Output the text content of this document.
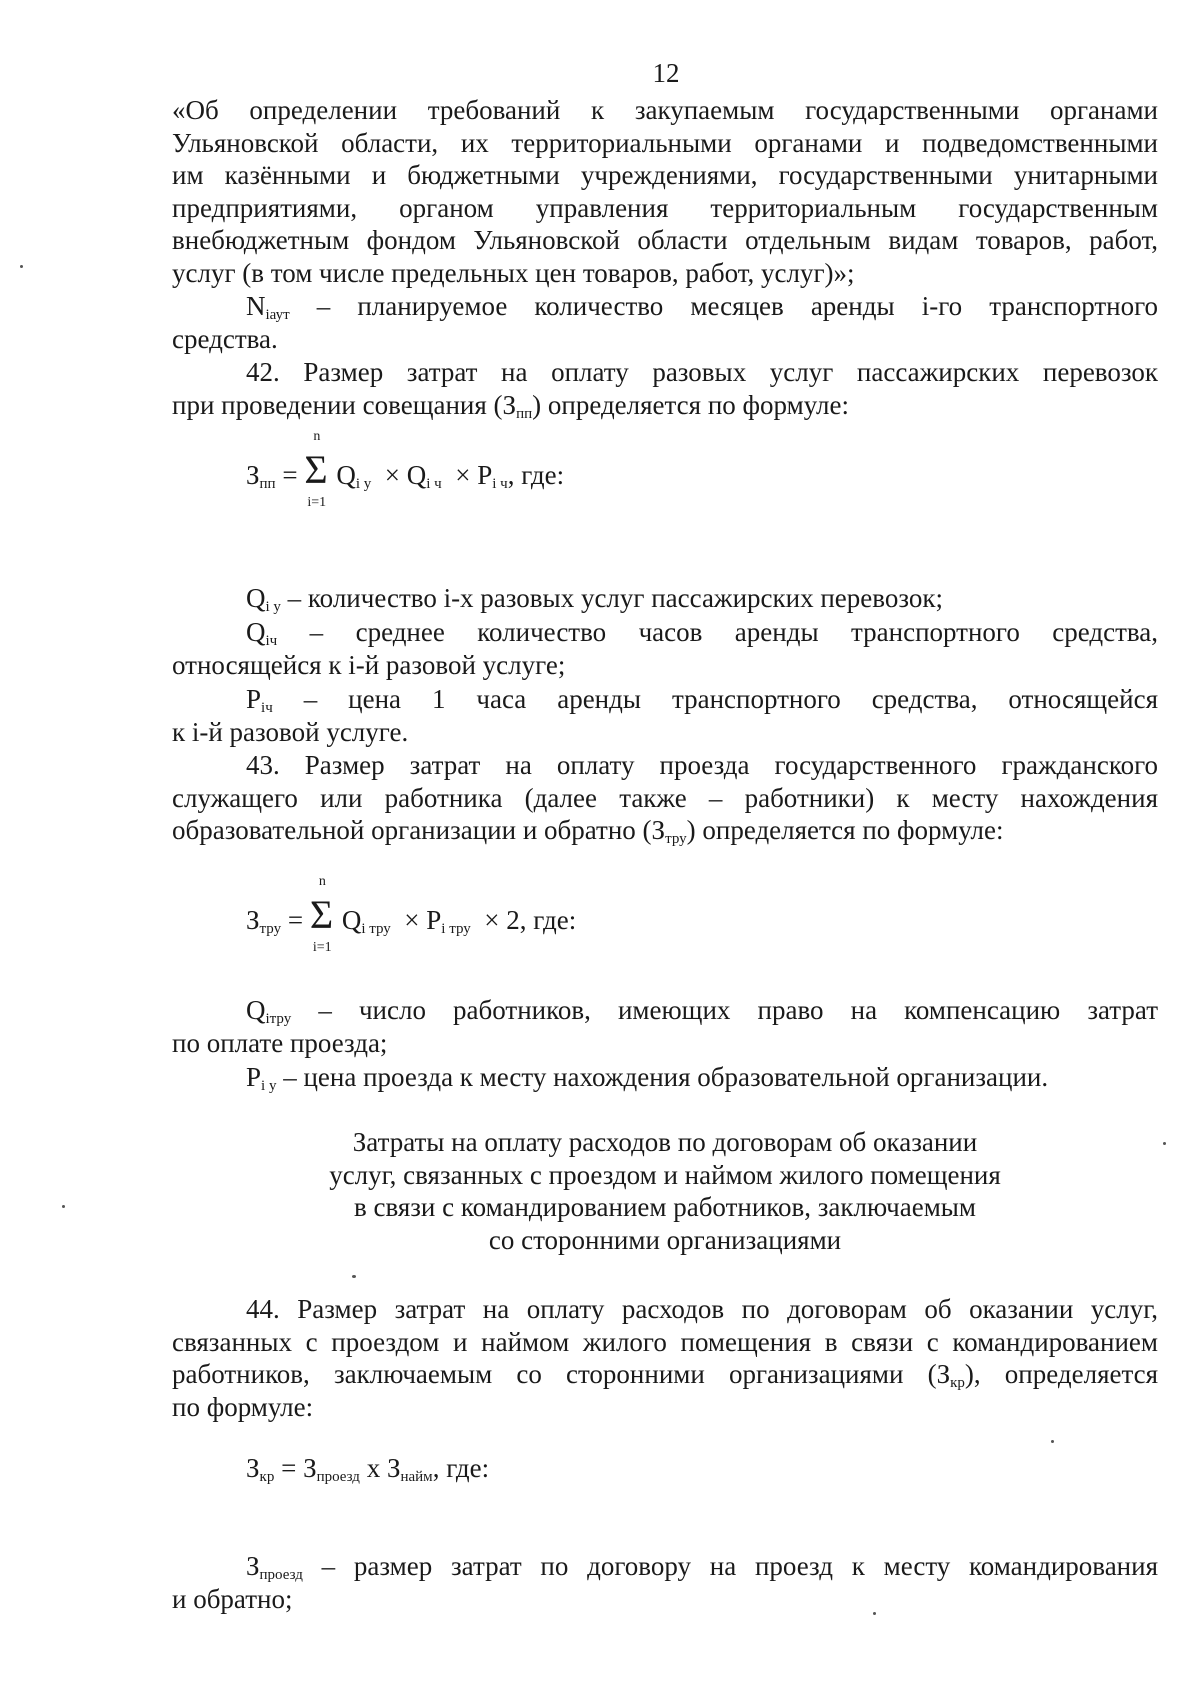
12
«Об определении требований к закупаемым государственными органами
Ульяновской области, их территориальными органами и подведомственными
им казёнными и бюджетными учреждениями, государственными унитарными
предприятиями, органом управления территориальным государственным
внебюджетным фондом Ульяновской области отдельным видам товаров, работ,
услуг (в том числе предельных цен товаров, работ, услуг)»;
$N_{iаут}$ – планируемое количество месяцев аренды i-го транспортного
средства.
42. Размер затрат на оплату разовых услуг пассажирских перевозок
при проведении совещания $(З_{пп})$ определяется по формуле:
$З_{пп} = \Sigma$
n
i=1
$Q_{i у} \times Q_{i ч} \times P_{i ч}$, где:
$Q_{i у}$ – количество i-х разовых услуг пассажирских перевозок;
$Q_{iч}$ – среднее количество часов аренды транспортного средства,
относящейся к i-й разовой услуге;
$P_{iч}$ – цена 1 часа аренды транспортного средства, относящейся
к i-й разовой услуге.
43. Размер затрат на оплату проезда государственного гражданского
служащего или работника (далее также – работники) к месту нахождения
образовательной организации и обратно $(З_{тру})$ определяется по формуле:
$З_{тру} = \Sigma$
n
i=1
$Q_{i тру} \times P_{i тру} \times 2$, где:
$Q_{iтру}$ – число работников, имеющих право на компенсацию затрат
по оплате проезда;
$P_{i у}$ – цена проезда к месту нахождения образовательной организации.
Затраты на оплату расходов по договорам об оказании
услуг, связанных с проездом и наймом жилого помещения
в связи с командированием работников, заключаемым
со сторонними организациями
44. Размер затрат на оплату расходов по договорам об оказании услуг,
связанных с проездом и наймом жилого помещения в связи с командированием
работников, заключаемым со сторонними организациями $(З_{кр})$, определяется
по формуле:
$З_{кр} = З_{проезд}$ x $З_{найм}$, где:
$З_{проезд}$ – размер затрат по договору на проезд к месту командирования
и обратно;
